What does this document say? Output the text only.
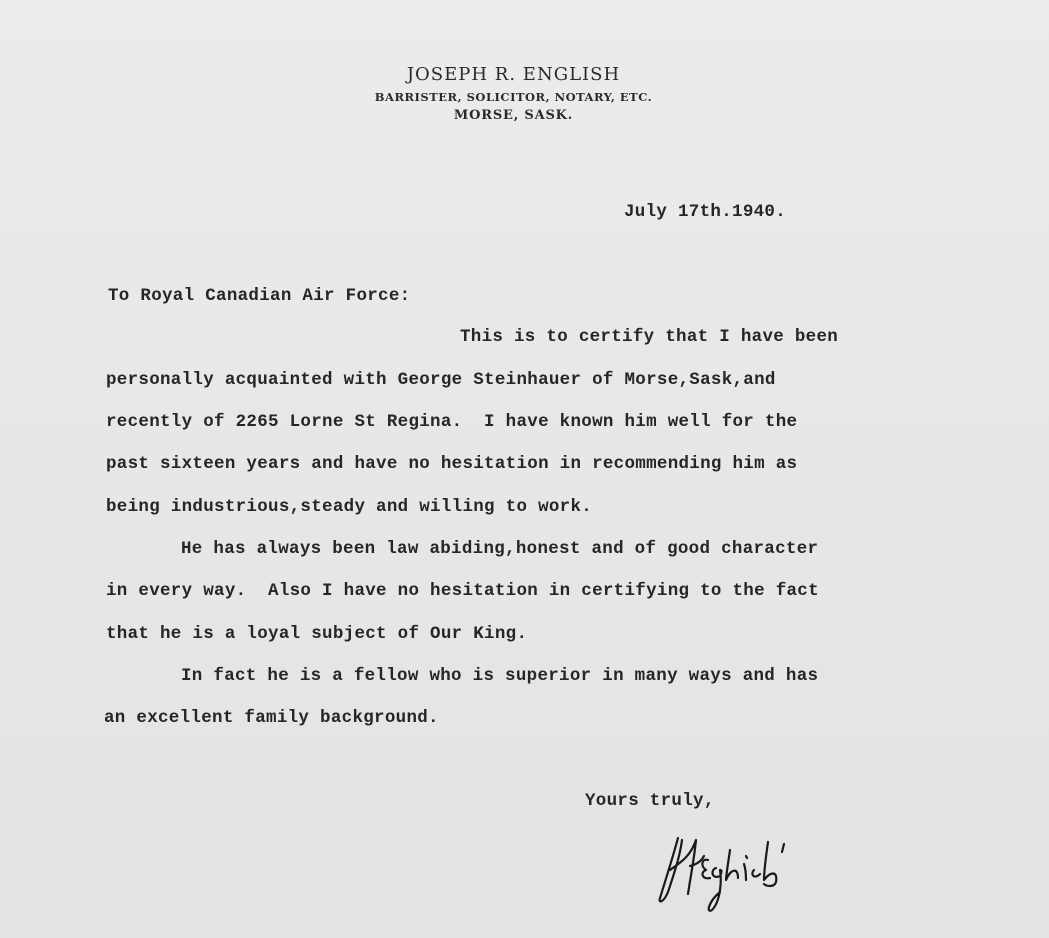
JOSEPH R. ENGLISH
BARRISTER, SOLICITOR, NOTARY, ETC.
MORSE, SASK.
July 17th.1940.
To Royal Canadian Air Force:
This is to certify that I have been
personally acquainted with George Steinhauer of Morse,Sask,and
recently of 2265 Lorne St Regina.  I have known him well for the
past sixteen years and have no hesitation in recommending him as
being industrious,steady and willing to work.
He has always been law abiding,honest and of good character
in every way.  Also I have no hesitation in certifying to the fact
that he is a loyal subject of Our King.
In fact he is a fellow who is superior in many ways and has
an excellent family background.
Yours truly,
